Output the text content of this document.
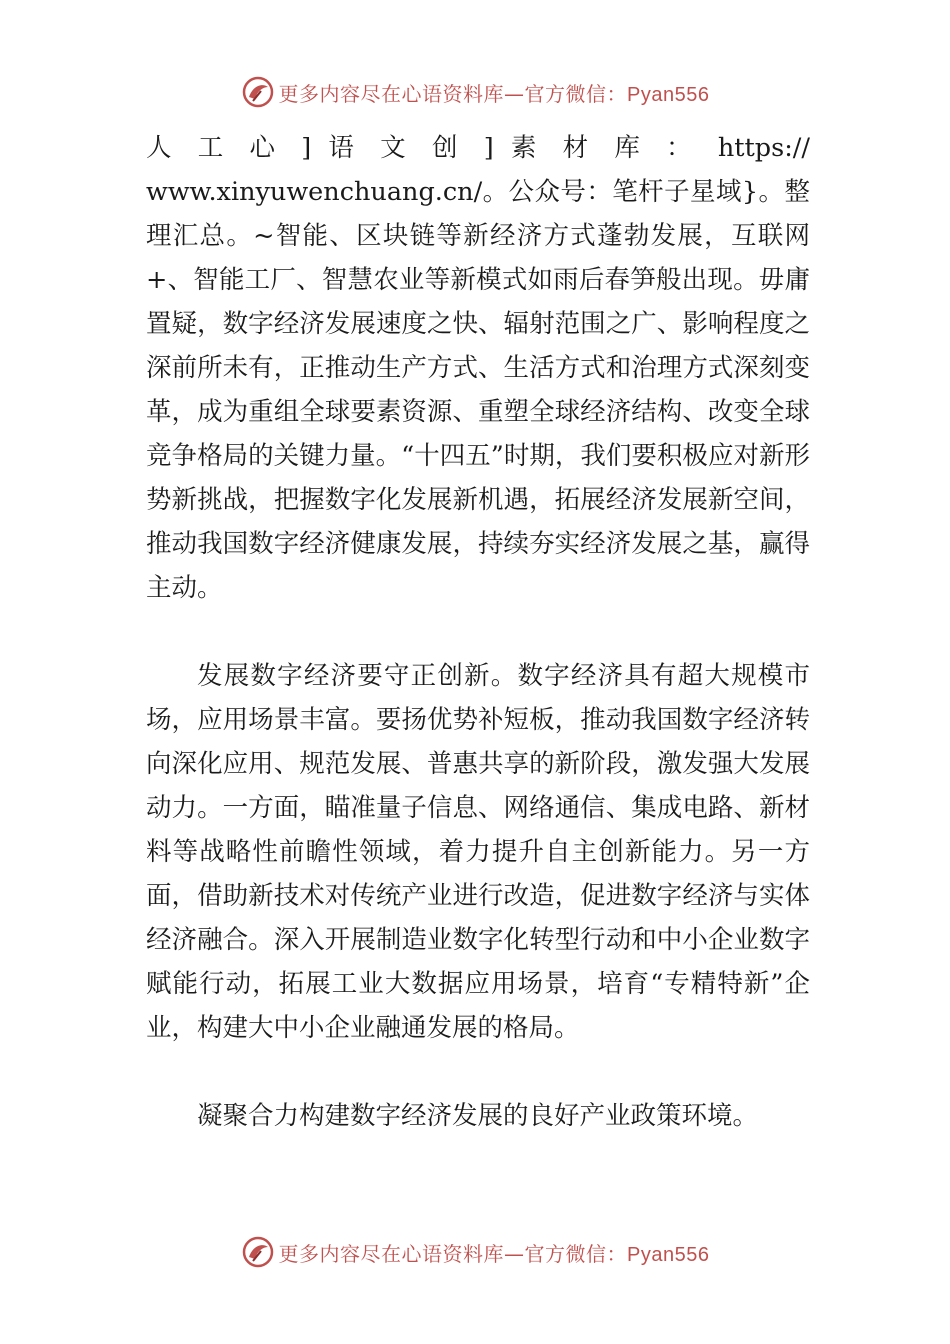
更多内容尽在心语资料库—官方微信：Pyan556

人 工 心 ] 语 文 创 ] 素 材 库 ： https://
www.xinyuwenchuang.cn/。公众号：笔杆子星域}。整理汇总。~智能、区块链等新经济方式蓬勃发展，互联网+、智能工厂、智慧农业等新模式如雨后春笋般出现。毋庸置疑，数字经济发展速度之快、辐射范围之广、影响程度之深前所未有，正推动生产方式、生活方式和治理方式深刻变革，成为重组全球要素资源、重塑全球经济结构、改变全球竞争格局的关键力量。“十四五”时期，我们要积极应对新形势新挑战，把握数字化发展新机遇，拓展经济发展新空间，推动我国数字经济健康发展，持续夯实经济发展之基，赢得主动。

发展数字经济要守正创新。数字经济具有超大规模市场，应用场景丰富。要扬优势补短板，推动我国数字经济转向深化应用、规范发展、普惠共享的新阶段，激发强大发展动力。一方面，瞄准量子信息、网络通信、集成电路、新材料等战略性前瞻性领域，着力提升自主创新能力。另一方面，借助新技术对传统产业进行改造，促进数字经济与实体经济融合。深入开展制造业数字化转型行动和中小企业数字赋能行动，拓展工业大数据应用场景，培育“专精特新”企业，构建大中小企业融通发展的格局。

凝聚合力构建数字经济发展的良好产业政策环境。

更多内容尽在心语资料库—官方微信：Pyan556
